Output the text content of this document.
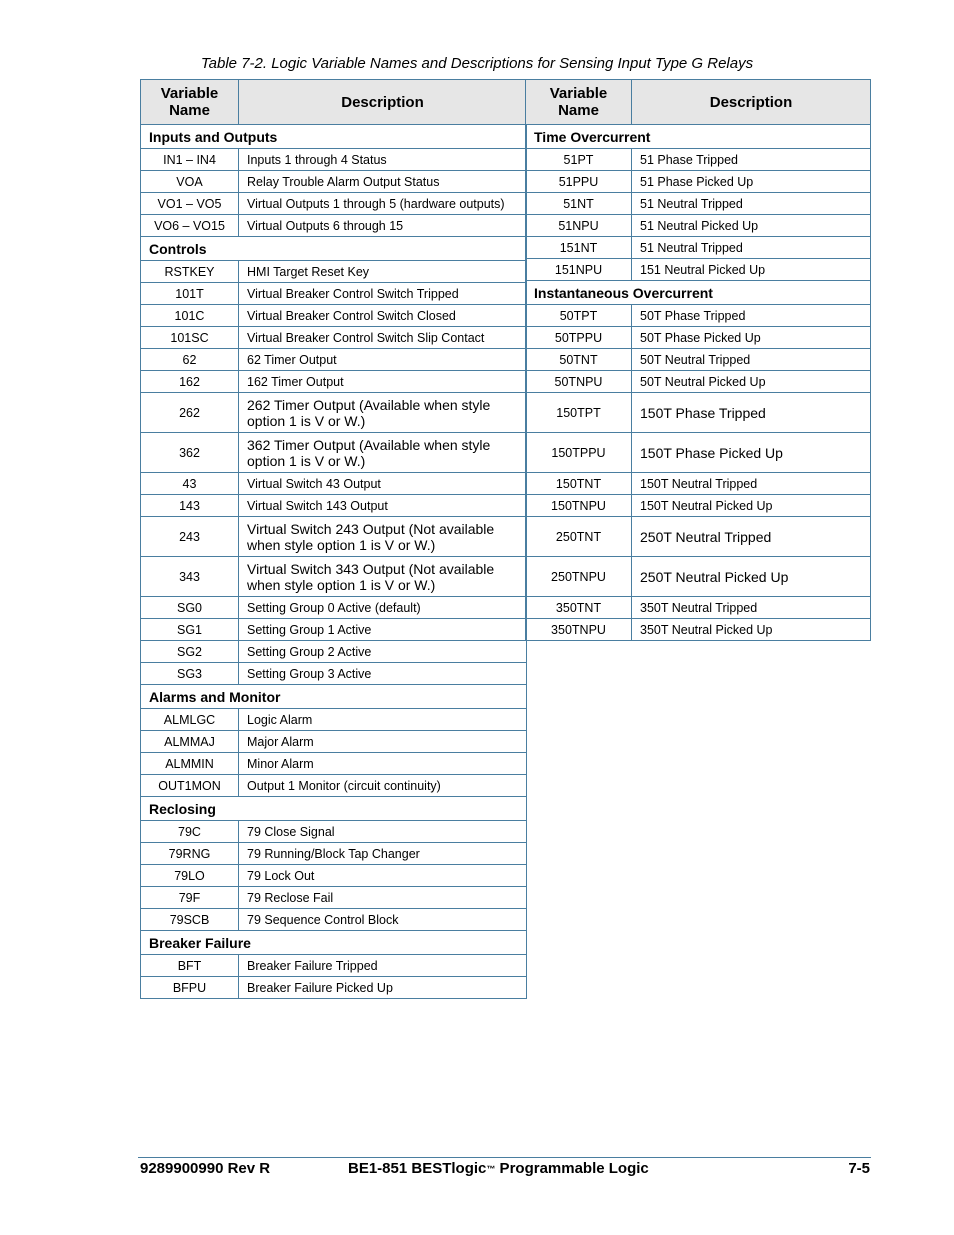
Table 7-2. Logic Variable Names and Descriptions for Sensing Input Type G Relays
Variable Name	Description
Inputs and Outputs	
IN1 – IN4	Inputs 1 through 4 Status
VOA	Relay Trouble Alarm Output Status
VO1 – VO5	Virtual Outputs 1 through 5 (hardware outputs)
VO6 – VO15	Virtual Outputs 6 through 15
Controls	
RSTKEY	HMI Target Reset Key
101T	Virtual Breaker Control Switch Tripped
101C	Virtual Breaker Control Switch Closed
101SC	Virtual Breaker Control Switch Slip Contact
62	62 Timer Output
162	162 Timer Output
262	262 Timer Output (Available when style option 1 is V or W.)
362	362 Timer Output (Available when style option 1 is V or W.)
43	Virtual Switch 43 Output
143	Virtual Switch 143 Output
243	Virtual Switch 243 Output (Not available when style option 1 is V or W.)
343	Virtual Switch 343 Output (Not available when style option 1 is V or W.)
SG0	Setting Group 0 Active (default)
SG1	Setting Group 1 Active
SG2	Setting Group 2 Active
SG3	Setting Group 3 Active
Alarms and Monitor	
ALMLGC	Logic Alarm
ALMMAJ	Major Alarm
ALMMIN	Minor Alarm
OUT1MON	Output 1 Monitor (circuit continuity)
Reclosing	
79C	79 Close Signal
79RNG	79 Running/Block Tap Changer
79LO	79 Lock Out
79F	79 Reclose Fail
79SCB	79 Sequence Control Block
Breaker Failure	
BFT	Breaker Failure Tripped
BFPU	Breaker Failure Picked Up
Variable Name	Description
Time Overcurrent	
51PT	51 Phase Tripped
51PPU	51 Phase Picked Up
51NT	51 Neutral Tripped
51NPU	51 Neutral Picked Up
151NT	51 Neutral Tripped
151NPU	151 Neutral Picked Up
Instantaneous Overcurrent	
50TPT	50T Phase Tripped
50TPPU	50T Phase Picked Up
50TNT	50T Neutral Tripped
50TNPU	50T Neutral Picked Up
150TPT	150T Phase Tripped
150TPPU	150T Phase Picked Up
150TNT	150T Neutral Tripped
150TNPU	150T Neutral Picked Up
250TNT	250T Neutral Tripped
250TNPU	250T Neutral Picked Up
350TNT	350T Neutral Tripped
350TNPU	350T Neutral Picked Up
9289900990 Rev R	BE1-851 BESTlogic™ Programmable Logic	7-5
